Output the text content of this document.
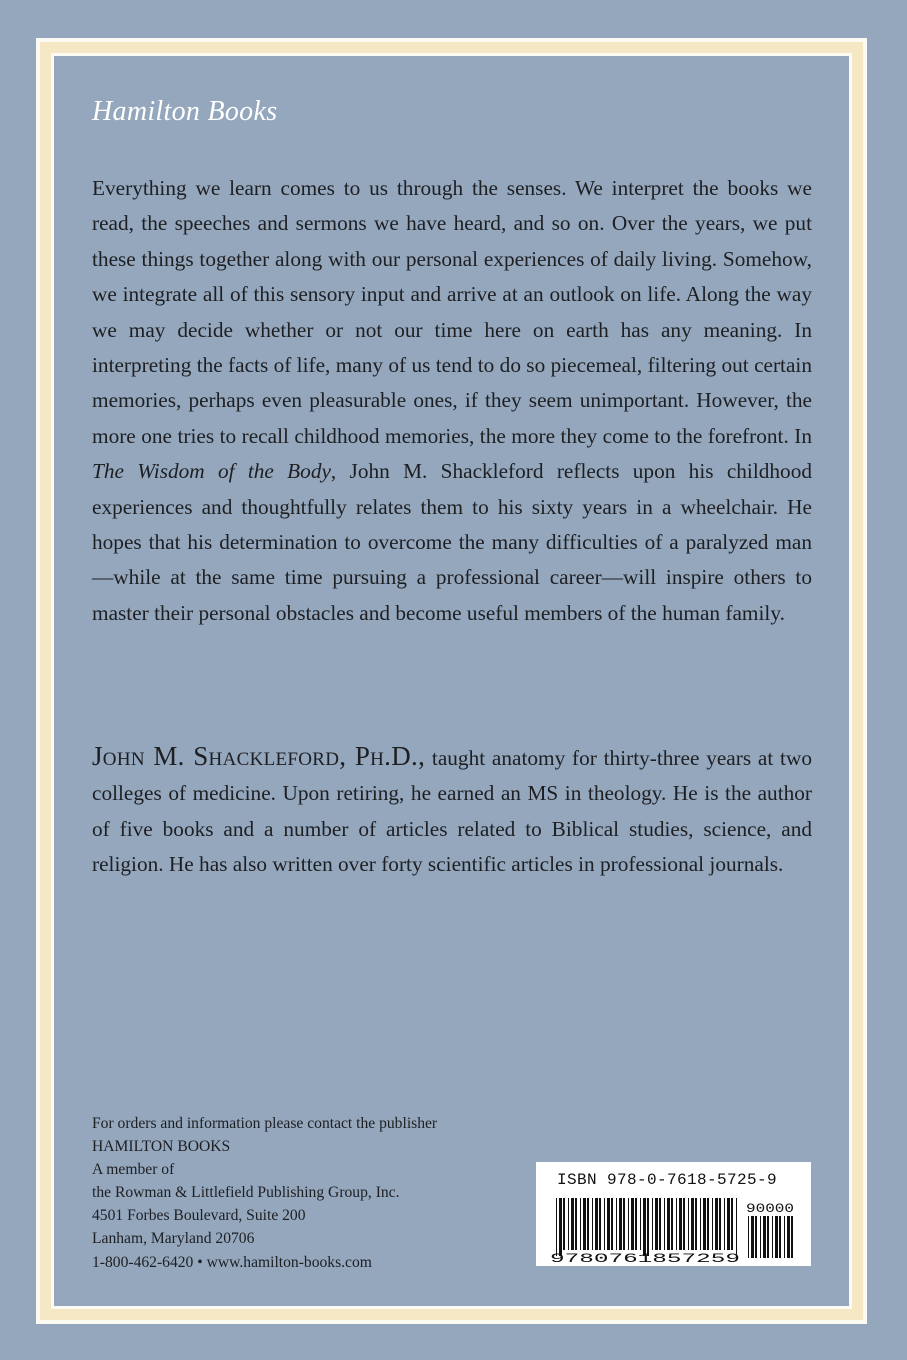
Hamilton Books

Everything we learn comes to us through the senses. We interpret the books we read, the speeches and sermons we have heard, and so on. Over the years, we put these things together along with our personal experiences of daily living. Somehow, we integrate all of this sensory input and arrive at an outlook on life. Along the way we may decide whether or not our time here on earth has any meaning. In interpreting the facts of life, many of us tend to do so piecemeal, filtering out certain memories, perhaps even pleasurable ones, if they seem unimportant. However, the more one tries to recall childhood memories, the more they come to the forefront. In The Wisdom of the Body, John M. Shackleford reflects upon his childhood experiences and thoughtfully relates them to his sixty years in a wheelchair. He hopes that his determination to overcome the many difficulties of a paralyzed man—while at the same time pursuing a professional career—will inspire others to master their personal obstacles and become useful members of the human family.

John M. Shackleford, Ph.D., taught anatomy for thirty-three years at two colleges of medicine. Upon retiring, he earned an MS in theology. He is the author of five books and a number of articles related to Biblical studies, science, and religion. He has also written over forty scientific articles in professional journals.

For orders and information please contact the publisher
HAMILTON BOOKS
A member of
the Rowman & Littlefield Publishing Group, Inc.
4501 Forbes Boulevard, Suite 200
Lanham, Maryland 20706
1-800-462-6420 • www.hamilton-books.com

ISBN 978-0-7618-5725-9

9780761857259
90000
